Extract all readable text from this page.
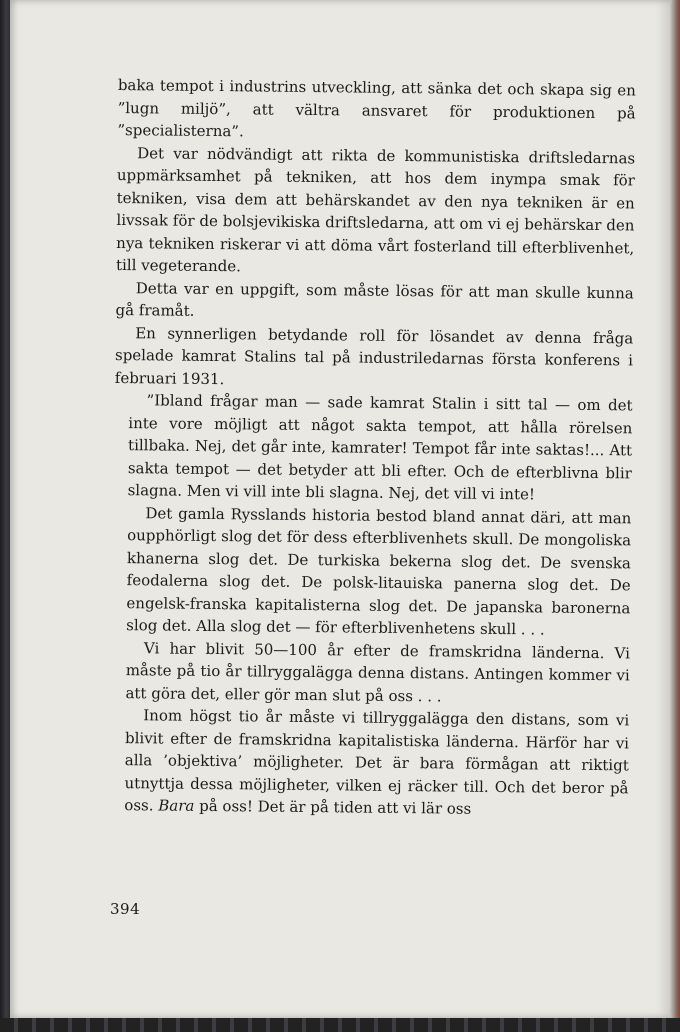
baka tempot i industrins utveckling, att sänka det och skapa sig en ”lugn miljö”, att vältra ansvaret för produktionen på ”specialisterna”.

Det var nödvändigt att rikta de kommunistiska driftsledarnas uppmärksamhet på tekniken, att hos dem inympa smak för tekniken, visa dem att behärskandet av den nya tekniken är en livssak för de bolsjevikiska driftsledarna, att om vi ej behärskar den nya tekniken riskerar vi att döma vårt fosterland till efterblivenhet, till vegeterande.

Detta var en uppgift, som måste lösas för att man skulle kunna gå framåt.

En synnerligen betydande roll för lösandet av denna fråga spelade kamrat Stalins tal på industriledarnas första konferens i februari 1931.

”Ibland frågar man — sade kamrat Stalin i sitt tal — om det inte vore möjligt att något sakta tempot, att hålla rörelsen tillbaka. Nej, det går inte, kamrater! Tempot får inte saktas!... Att sakta tempot — det betyder att bli efter. Och de efterblivna blir slagna. Men vi vill inte bli slagna. Nej, det vill vi inte!

Det gamla Rysslands historia bestod bland annat däri, att man oupphörligt slog det för dess efterblivenhets skull. De mongoliska khanerna slog det. De turkiska bekerna slog det. De svenska feodalerna slog det. De polsk-litauiska panerna slog det. De engelsk-franska kapitalisterna slog det. De japanska baronerna slog det. Alla slog det — för efterblivenhetens skull . . .

Vi har blivit 50—100 år efter de framskridna länderna. Vi måste på tio år tillryggalägga denna distans. Antingen kommer vi att göra det, eller gör man slut på oss . . .

Inom högst tio år måste vi tillryggalägga den distans, som vi blivit efter de framskridna kapitalistiska länderna. Härför har vi alla ’objektiva’ möjligheter. Det är bara förmågan att riktigt utnyttja dessa möjligheter, vilken ej räcker till. Och det beror på oss. Bara på oss! Det är på tiden att vi lär oss

394
